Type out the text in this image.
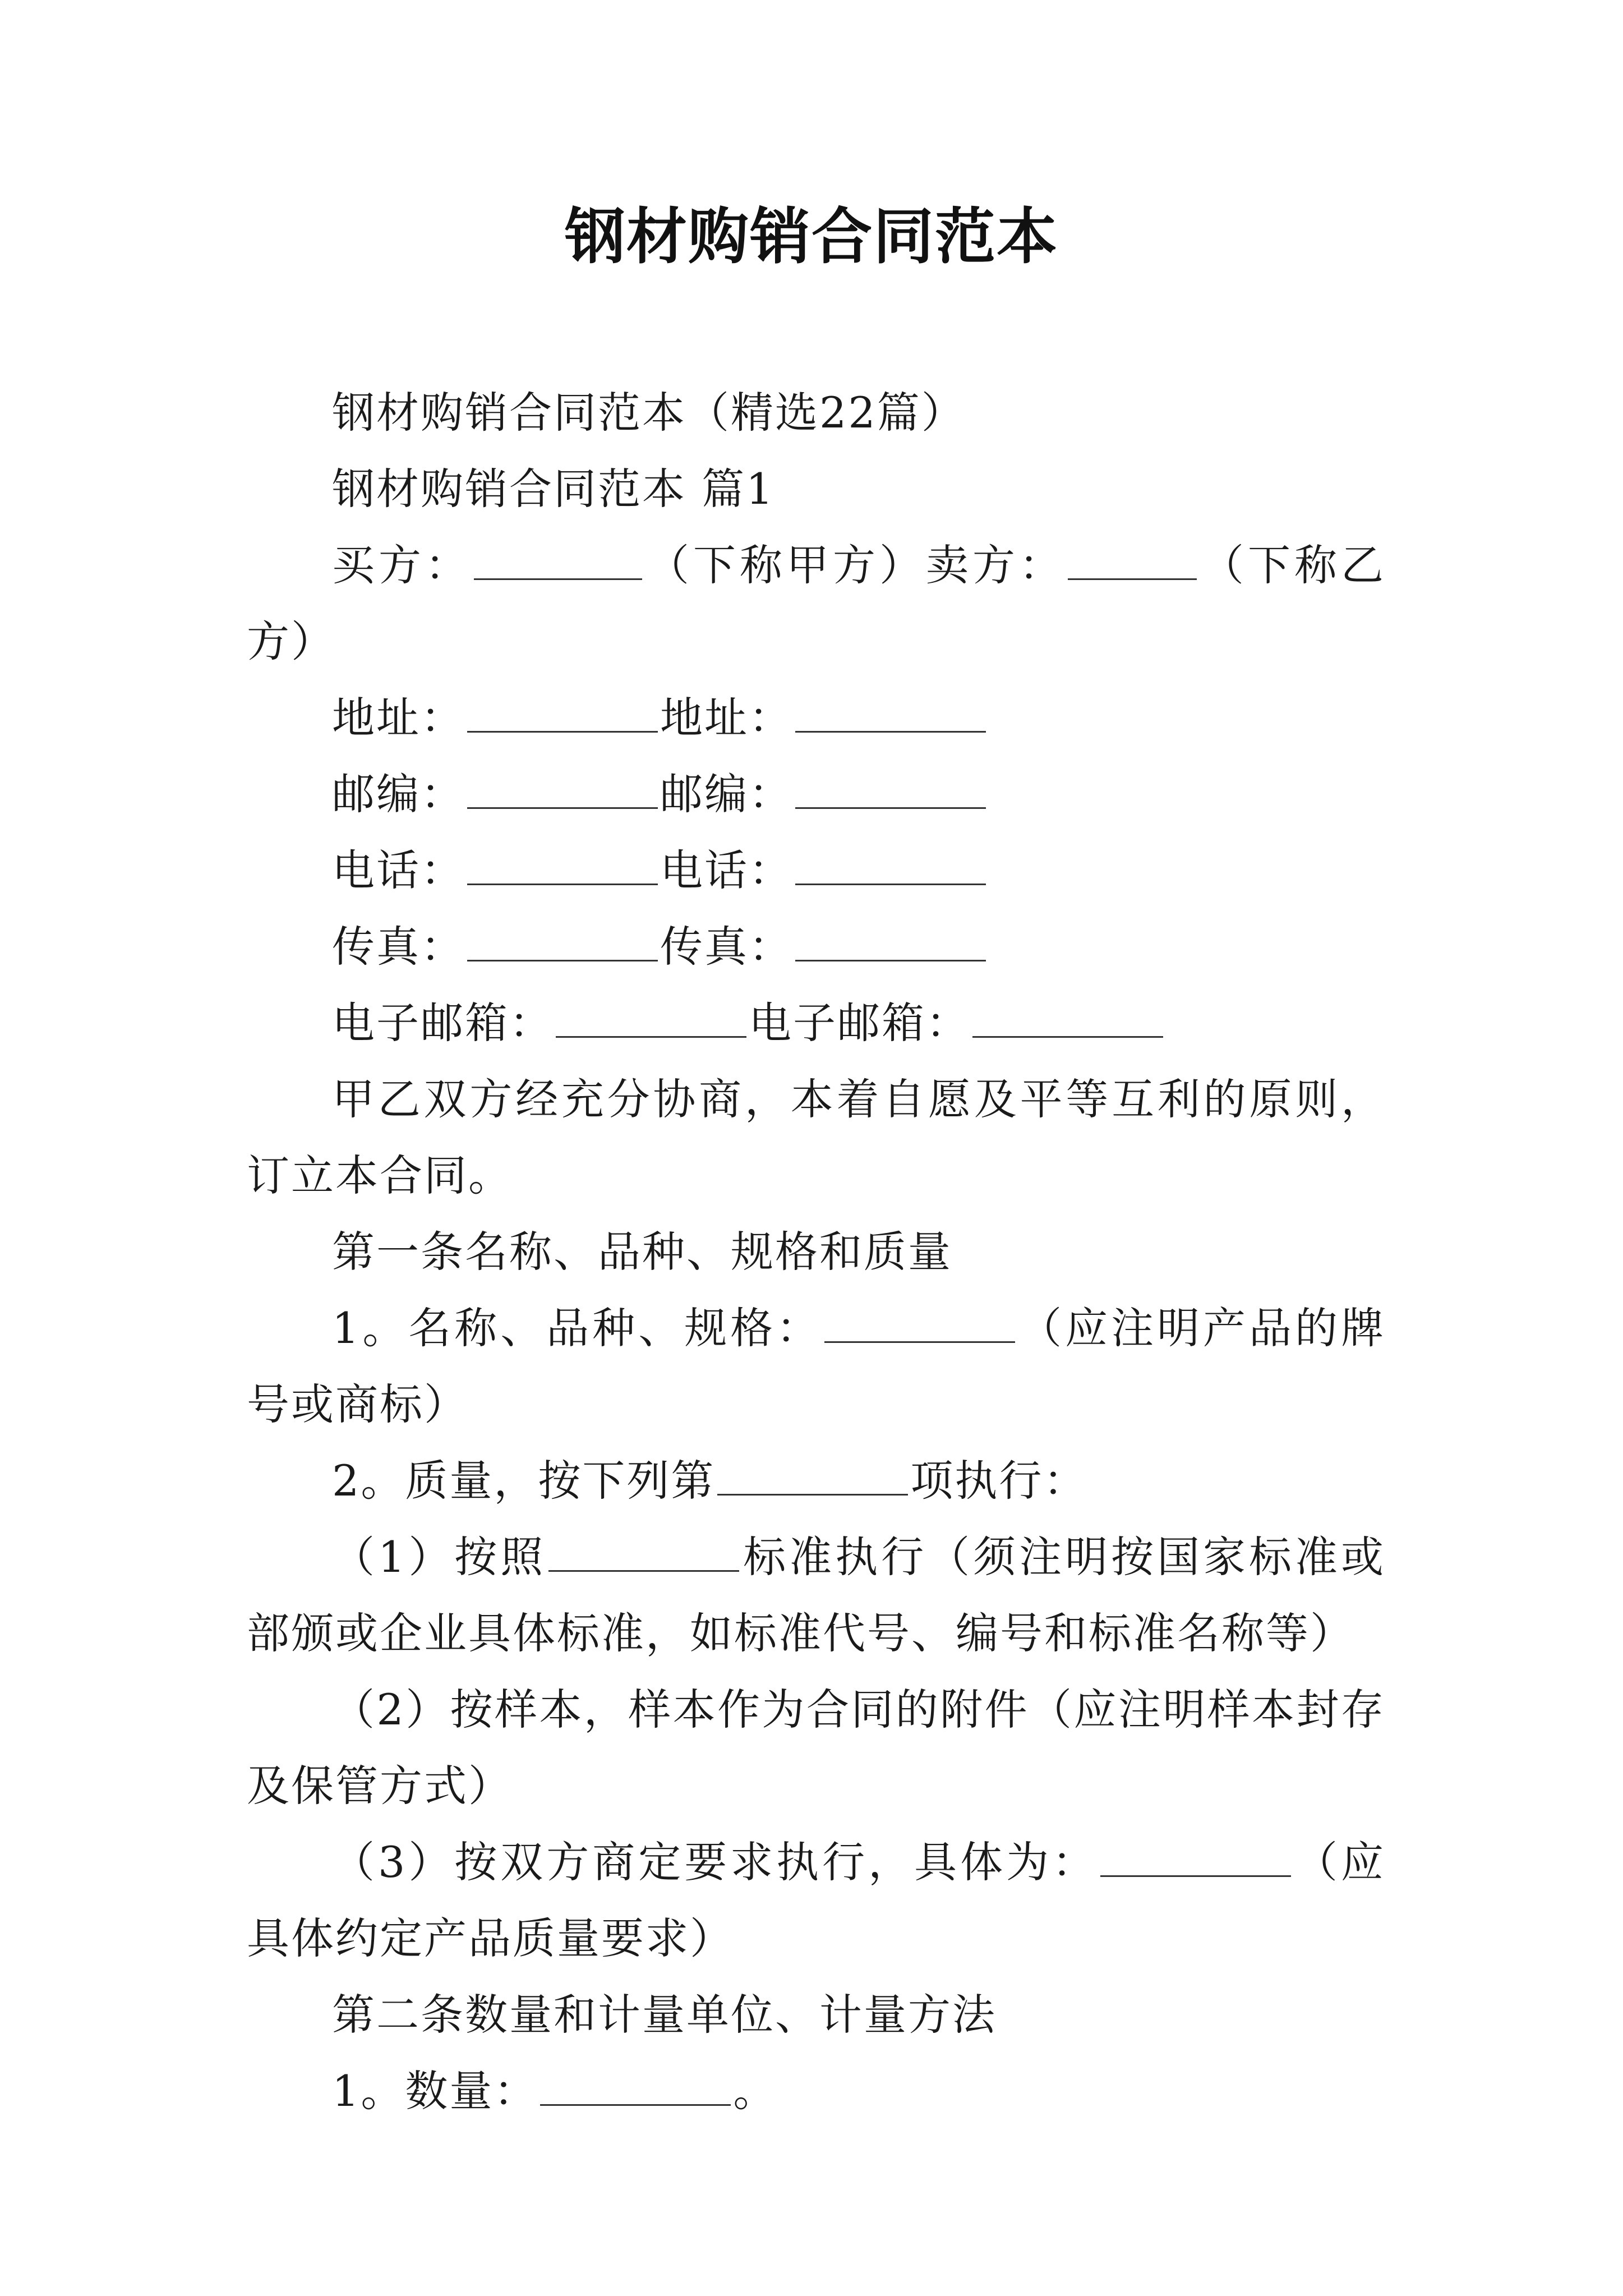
钢材购销合同范本

钢材购销合同范本（精选22篇）

钢材购销合同范本 篇1

买方：	（下称甲方）卖方：	（下称乙方）

地址：	地址：

邮编：	邮编：

电话：	电话：

传真：	传真：

电子邮箱：	电子邮箱：

甲乙双方经充分协商，本着自愿及平等互利的原则，订立本合同。

第一条名称、品种、规格和质量

1。名称、品种、规格：	（应注明产品的牌号或商标）

2。质量，按下列第	项执行：

（1）按照	标准执行（须注明按国家标准或部颁或企业具体标准，如标准代号、编号和标准名称等）

（2）按样本，样本作为合同的附件（应注明样本封存及保管方式）

（3）按双方商定要求执行，具体为：	（应具体约定产品质量要求）

第二条数量和计量单位、计量方法

1。数量：	。
